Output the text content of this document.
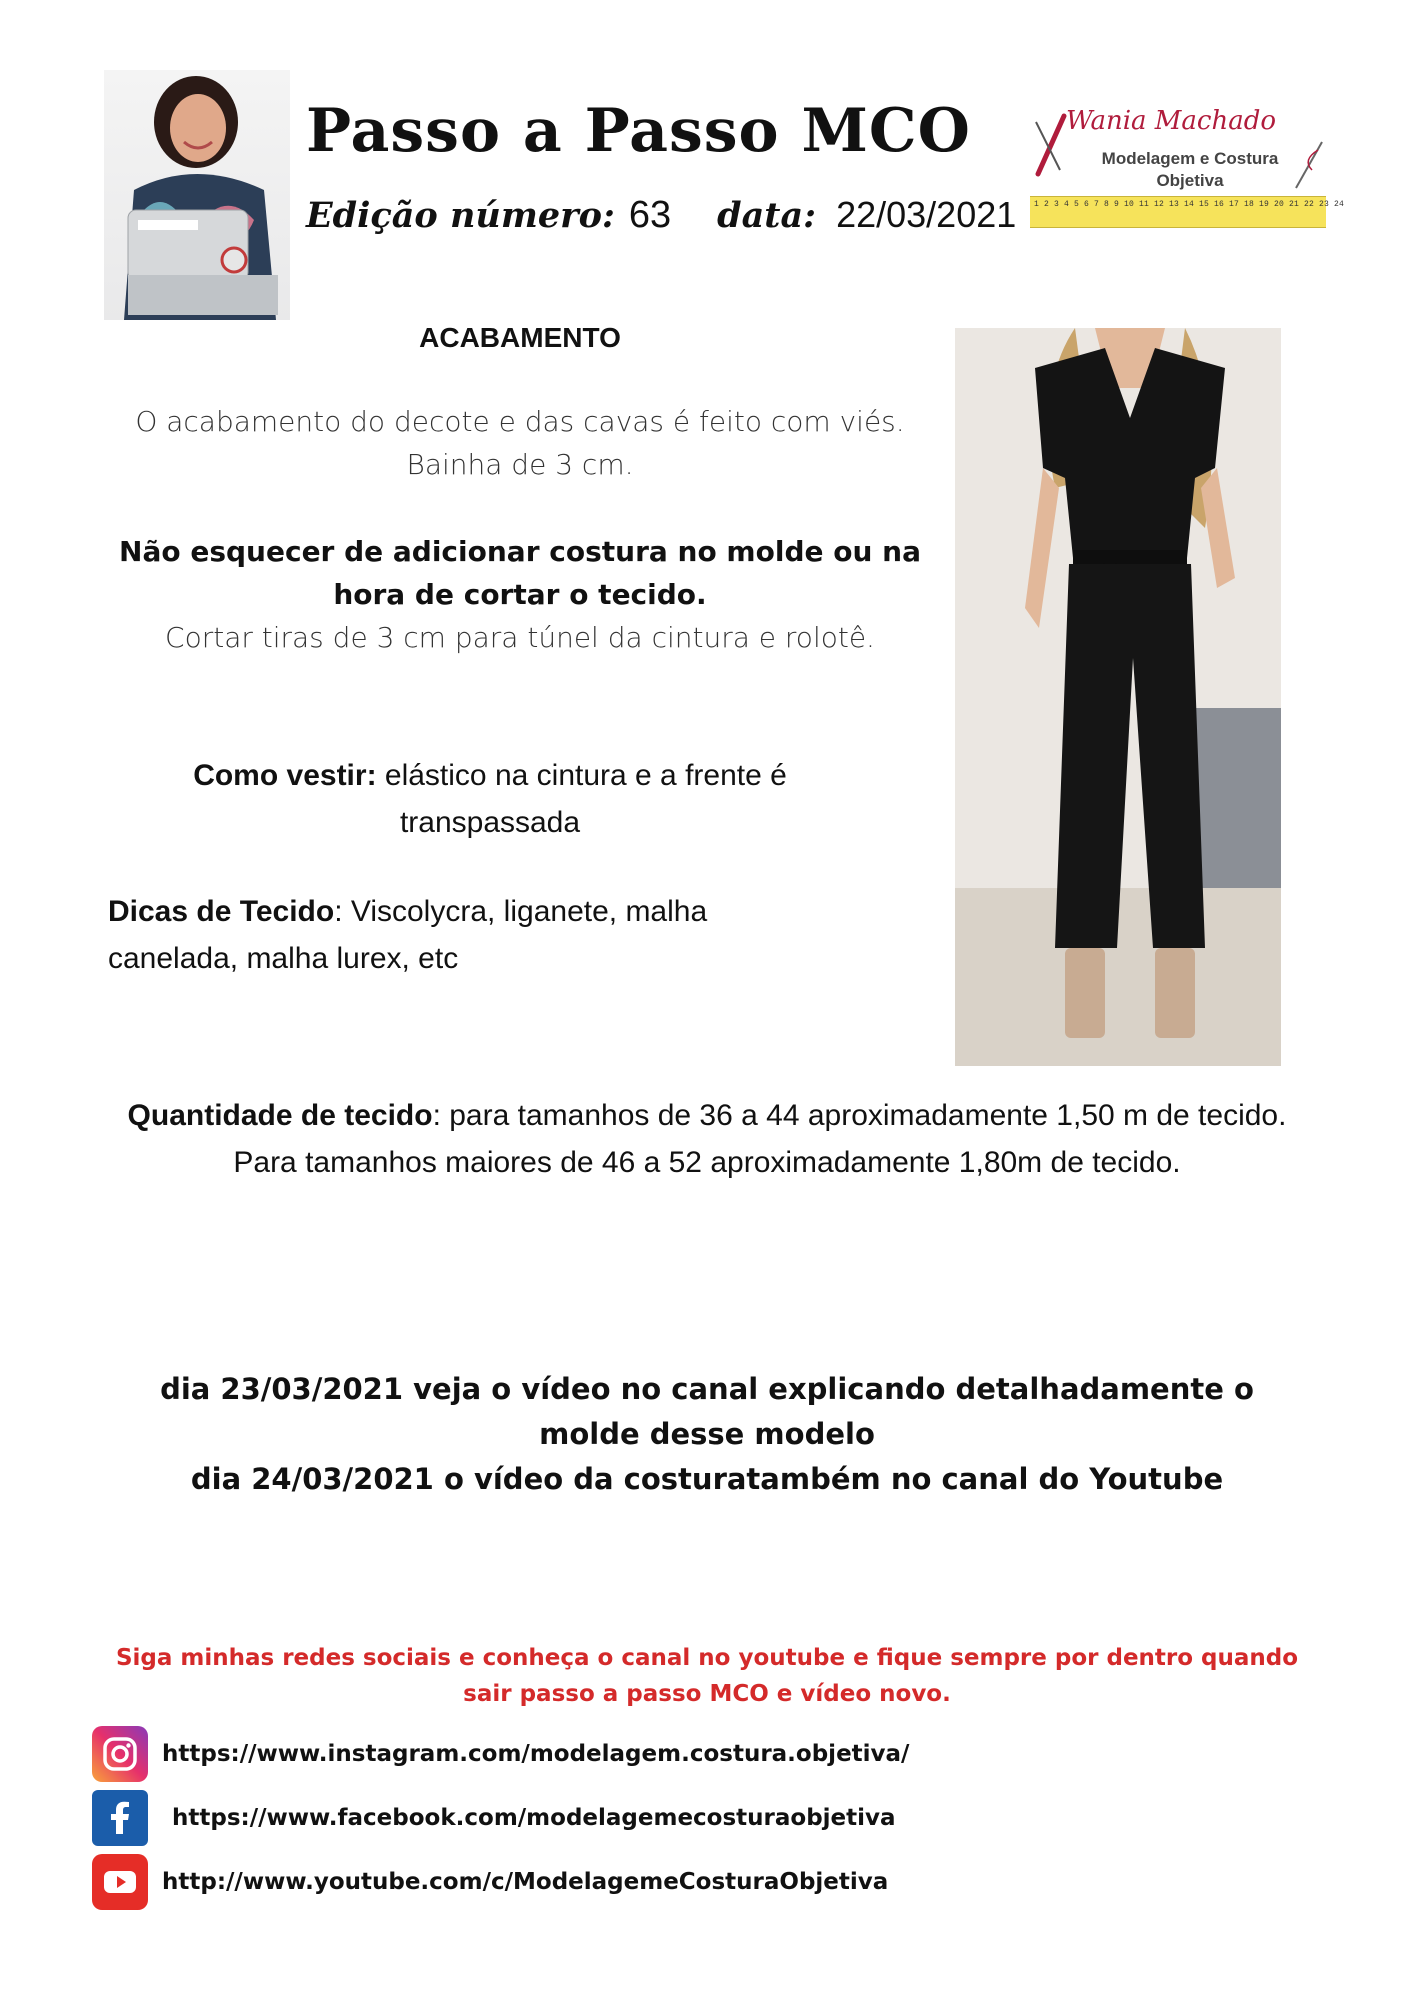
Passo a Passo MCO
Edição número: 63 data: 22/03/2021
Wania Machado
Modelagem e Costura Objetiva
1 2 3 4 5 6 7 8 9 10 11 12 13 14 15 16 17 18 19 20 21 22 23 24
ACABAMENTO
O acabamento do decote e das cavas é feito com viés.
Bainha de 3 cm.
Não esquecer de adicionar costura no molde ou na hora de cortar o tecido.
Cortar tiras de 3 cm para túnel da cintura e rolotê.
Como vestir: elástico na cintura e a frente é transpassada
Dicas de Tecido: Viscolycra, liganete, malha canelada, malha lurex, etc
Quantidade de tecido: para tamanhos de 36 a 44 aproximadamente 1,50 m de tecido.
Para tamanhos maiores de 46 a 52 aproximadamente 1,80m de tecido.
dia 23/03/2021 veja o vídeo no canal explicando detalhadamente o molde desse modelo
dia 24/03/2021 o vídeo da costuratambém no canal do Youtube
Siga minhas redes sociais e conheça o canal no youtube e fique sempre por dentro quando sair passo a passo MCO e vídeo novo.
https://www.instagram.com/modelagem.costura.objetiva/
https://www.facebook.com/modelagemecosturaobjetiva
http://www.youtube.com/c/ModelagemeCosturaObjetiva
